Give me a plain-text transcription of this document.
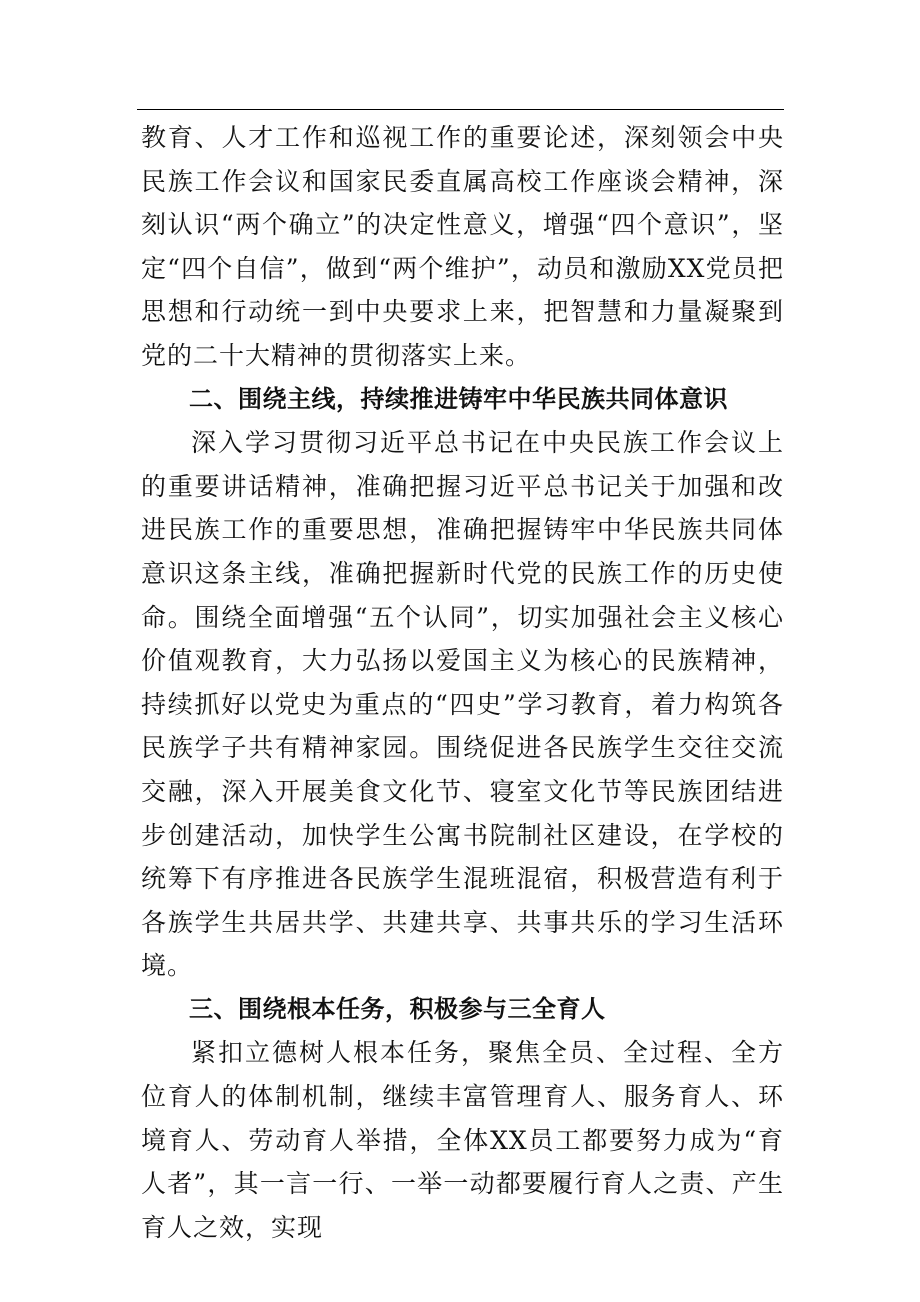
教育、人才工作和巡视工作的重要论述，深刻领会中央民族工作会议和国家民委直属高校工作座谈会精神，深刻认识“两个确立”的决定性意义，增强“四个意识”，坚定“四个自信”，做到“两个维护”，动员和激励XX党员把思想和行动统一到中央要求上来，把智慧和力量凝聚到党的二十大精神的贯彻落实上来。

二、围绕主线，持续推进铸牢中华民族共同体意识

深入学习贯彻习近平总书记在中央民族工作会议上的重要讲话精神，准确把握习近平总书记关于加强和改进民族工作的重要思想，准确把握铸牢中华民族共同体意识这条主线，准确把握新时代党的民族工作的历史使命。围绕全面增强“五个认同”，切实加强社会主义核心价值观教育，大力弘扬以爱国主义为核心的民族精神，持续抓好以党史为重点的“四史”学习教育，着力构筑各民族学子共有精神家园。围绕促进各民族学生交往交流交融，深入开展美食文化节、寝室文化节等民族团结进步创建活动，加快学生公寓书院制社区建设，在学校的统筹下有序推进各民族学生混班混宿，积极营造有利于各族学生共居共学、共建共享、共事共乐的学习生活环境。

三、围绕根本任务，积极参与三全育人

紧扣立德树人根本任务，聚焦全员、全过程、全方位育人的体制机制，继续丰富管理育人、服务育人、环境育人、劳动育人举措，全体XX员工都要努力成为“育人者”，其一言一行、一举一动都要履行育人之责、产生育人之效，实现
